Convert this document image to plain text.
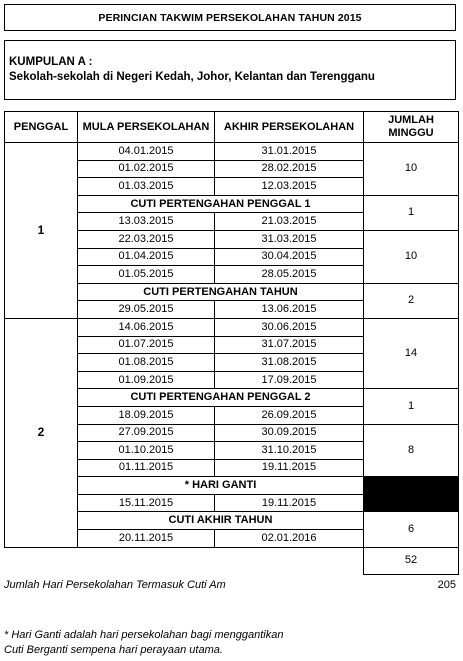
PERINCIAN TAKWIM PERSEKOLAHAN TAHUN 2015
KUMPULAN A :
Sekolah-sekolah di Negeri Kedah, Johor, Kelantan dan Terengganu
PENGGAL	MULA PERSEKOLAHAN	AKHIR PERSEKOLAHAN	JUMLAH MINGGU
1	04.01.2015	31.01.2015	10
	01.02.2015	28.02.2015	
	01.03.2015	12.03.2015	
	CUTI PERTENGAHAN PENGGAL 1		1
	13.03.2015	21.03.2015	
	22.03.2015	31.03.2015	10
	01.04.2015	30.04.2015	
	01.05.2015	28.05.2015	
	CUTI PERTENGAHAN TAHUN		2
	29.05.2015	13.06.2015	
2	14.06.2015	30.06.2015	14
	01.07.2015	31.07.2015	
	01.08.2015	31.08.2015	
	01.09.2015	17.09.2015	
	CUTI PERTENGAHAN PENGGAL 2		1
	18.09.2015	26.09.2015	
	27.09.2015	30.09.2015	8
	01.10.2015	31.10.2015	
	01.11.2015	19.11.2015	
	* HARI GANTI		
	15.11.2015	19.11.2015	
	CUTI AKHIR TAHUN		6
	20.11.2015	02.01.2016	
			52
Jumlah Hari Persekolahan Termasuk Cuti Am	205
* Hari Ganti adalah hari persekolahan bagi menggantikan
Cuti Berganti sempena hari perayaan utama.
